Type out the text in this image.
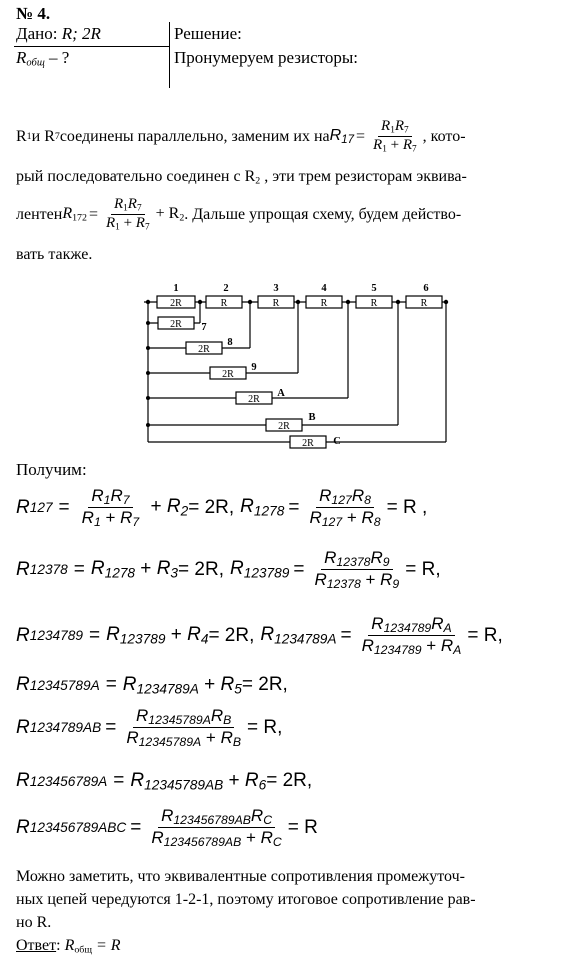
№ 4.
Дано: R; 2R
$R_{общ}$ – ?
Решение:
Пронумеруем резисторы:
R 1 и R 7 соединены параллельно, заменим их на $R_{17} = \frac{R_1R_7}{R_1 + R_7}$ , кото-
рый последовательно соединен с $R_2$ , эти трем резисторам эквива-
лентен $R_{172} = \frac{R_1R_7}{R_1 + R_7} + R_2$ . Дальше упрощая схему, будем действо-
вать также.
2R	R	R	R	R	R
2R
2R
2R
2R
2R
2R
1	2	3	4	5	6
7
8
9
A
B
C
Получим:
R $127 = \frac{R_1R_7}{R_1 + R_7} + R_2 = 2R$, $R_{1278} = \frac{R_{127}R_8}{R_{127} + R_8} = R$ ,
R $12378 = R_{1278} + R_3 = 2R$, $R_{123789} = \frac{R_{12378}R_9}{R_{12378} + R_9} = R$,
R $1234789 = R_{123789} + R_4 = 2R$, $R_{1234789A} = \frac{R_{1234789}R_A}{R_{1234789} + R_A} = R$,
R $12345789A = R_{1234789A} + R_5 = 2R$,
R $1234789AB = \frac{R_{12345789A}R_B}{R_{12345789A} + R_B} = R$,
R $123456789A = R_{12345789AB} + R_6 = 2R$,
R $123456789ABC = \frac{R_{123456789AB}R_C}{R_{123456789AB} + R_C} = R$
Можно заметить, что эквивалентные сопротивления промежуточ-
ных цепей чередуются 1-2-1, поэтому итоговое сопротивление рав-
но R.
Ответ: $R_{общ} = R$
